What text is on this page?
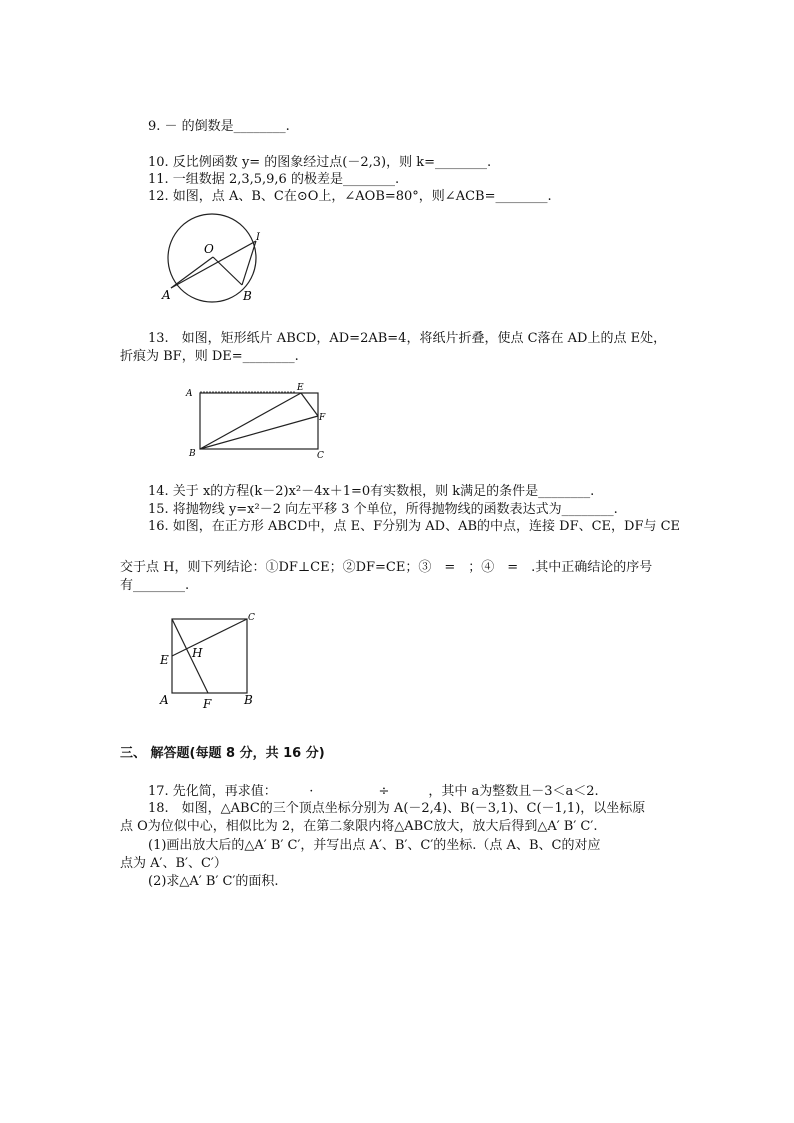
9. － 的倒数是________.
10. 反比例函数 y= 的图象经过点(－2,3)，则 k=________.
11. 一组数据 2,3,5,9,6 的极差是________.
12. 如图，点 A、B、C在⊙O上，∠AOB=80°，则∠ACB=________.
O
A	B
I
13.　如图，矩形纸片 ABCD，AD=2AB=4，将纸片折叠，使点 C落在 AD上的点 E处，
折痕为 BF，则 DE=________.
A
B	C
E
F
14. 关于 x的方程(k－2)x²－4x＋1=0有实数根，则 k满足的条件是________.
15. 将抛物线 y=x²－2 向左平移 3 个单位，所得抛物线的函数表达式为________.
16. 如图，在正方形 ABCD中，点 E、F分别为 AD、AB的中点，连接 DF、CE，DF与 CE
交于点 H，则下列结论：①DF⊥CE；②DF=CE；③　=　；④　=　.其中正确结论的序号
有________.
E H
A	F	B
C
三、 解答题(每题 8 分，共 16 分)
17. 先化简，再求值：　　　·　　　　　÷　　　，其中 a为整数且－3＜a＜2.
18.　如图，△ABC的三个顶点坐标分别为 A(－2,4)、B(－3,1)、C(－1,1)，以坐标原
点 O为位似中心，相似比为 2，在第二象限内将△ABC放大，放大后得到△A′ B′ C′.
(1)画出放大后的△A′ B′ C′，并写出点 A′、B′、C′的坐标.（点 A、B、C的对应
点为 A′、B′、C′）
(2)求△A′ B′ C′的面积.
